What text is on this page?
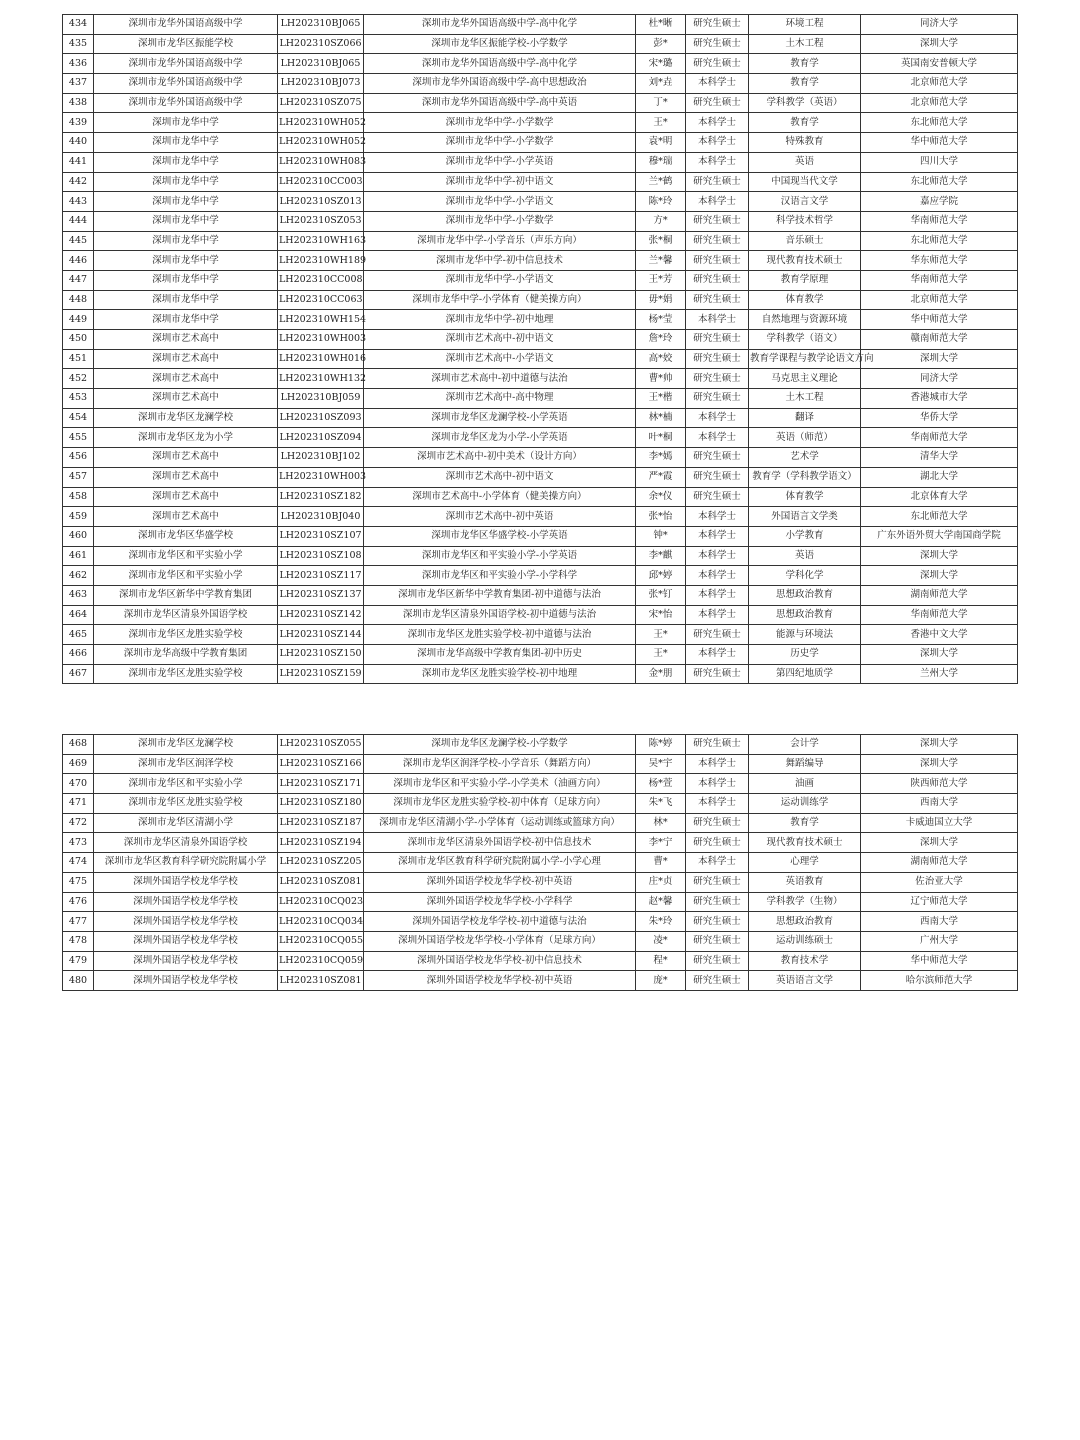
434	深圳市龙华外国语高级中学	LH202310BJ065	深圳市龙华外国语高级中学-高中化学	杜*晰	研究生硕士	环境工程	同济大学
435	深圳市龙华区振能学校	LH202310SZ066	深圳市龙华区振能学校-小学数学	彭*	研究生硕士	土木工程	深圳大学
436	深圳市龙华外国语高级中学	LH202310BJ065	深圳市龙华外国语高级中学-高中化学	宋*璐	研究生硕士	教育学	英国南安普顿大学
437	深圳市龙华外国语高级中学	LH202310BJ073	深圳市龙华外国语高级中学-高中思想政治	刘*垚	本科学士	教育学	北京师范大学
438	深圳市龙华外国语高级中学	LH202310SZ075	深圳市龙华外国语高级中学-高中英语	丁*	研究生硕士	学科教学（英语）	北京师范大学
439	深圳市龙华中学	LH202310WH052	深圳市龙华中学-小学数学	王*	本科学士	教育学	东北师范大学
440	深圳市龙华中学	LH202310WH052	深圳市龙华中学-小学数学	袁*明	本科学士	特殊教育	华中师范大学
441	深圳市龙华中学	LH202310WH083	深圳市龙华中学-小学英语	穆*瑞	本科学士	英语	四川大学
442	深圳市龙华中学	LH202310CC003	深圳市龙华中学-初中语文	兰*鹤	研究生硕士	中国现当代文学	东北师范大学
443	深圳市龙华中学	LH202310SZ013	深圳市龙华中学-小学语文	陈*玲	本科学士	汉语言文学	嘉应学院
444	深圳市龙华中学	LH202310SZ053	深圳市龙华中学-小学数学	方*	研究生硕士	科学技术哲学	华南师范大学
445	深圳市龙华中学	LH202310WH163	深圳市龙华中学-小学音乐（声乐方向）	张*桐	研究生硕士	音乐硕士	东北师范大学
446	深圳市龙华中学	LH202310WH189	深圳市龙华中学-初中信息技术	兰*馨	研究生硕士	现代教育技术硕士	华东师范大学
447	深圳市龙华中学	LH202310CC008	深圳市龙华中学-小学语文	王*芳	研究生硕士	教育学原理	华南师范大学
448	深圳市龙华中学	LH202310CC063	深圳市龙华中学-小学体育（健美操方向）	毋*娟	研究生硕士	体育教学	北京师范大学
449	深圳市龙华中学	LH202310WH154	深圳市龙华中学-初中地理	杨*莹	本科学士	自然地理与资源环境	华中师范大学
450	深圳市艺术高中	LH202310WH003	深圳市艺术高中-初中语文	詹*玲	研究生硕士	学科教学（语文）	赣南师范大学
451	深圳市艺术高中	LH202310WH016	深圳市艺术高中-小学语文	高*姣	研究生硕士	教育学课程与教学论语文方向	深圳大学
452	深圳市艺术高中	LH202310WH132	深圳市艺术高中-初中道德与法治	曹*帅	研究生硕士	马克思主义理论	同济大学
453	深圳市艺术高中	LH202310BJ059	深圳市艺术高中-高中物理	王*楷	研究生硕士	土木工程	香港城市大学
454	深圳市龙华区龙澜学校	LH202310SZ093	深圳市龙华区龙澜学校-小学英语	林*楠	本科学士	翻译	华侨大学
455	深圳市龙华区龙为小学	LH202310SZ094	深圳市龙华区龙为小学-小学英语	叶*桐	本科学士	英语（师范）	华南师范大学
456	深圳市艺术高中	LH202310BJ102	深圳市艺术高中-初中美术（设计方向）	李*嫣	研究生硕士	艺术学	清华大学
457	深圳市艺术高中	LH202310WH003	深圳市艺术高中-初中语文	严*霞	研究生硕士	教育学（学科教学语文）	湖北大学
458	深圳市艺术高中	LH202310SZ182	深圳市艺术高中-小学体育（健美操方向）	余*仪	研究生硕士	体育教学	北京体育大学
459	深圳市艺术高中	LH202310BJ040	深圳市艺术高中-初中英语	张*怡	本科学士	外国语言文学类	东北师范大学
460	深圳市龙华区华盛学校	LH202310SZ107	深圳市龙华区华盛学校-小学英语	钟*	本科学士	小学教育	广东外语外贸大学南国商学院
461	深圳市龙华区和平实验小学	LH202310SZ108	深圳市龙华区和平实验小学-小学英语	李*麒	本科学士	英语	深圳大学
462	深圳市龙华区和平实验小学	LH202310SZ117	深圳市龙华区和平实验小学-小学科学	邱*婷	本科学士	学科化学	深圳大学
463	深圳市龙华区新华中学教育集团	LH202310SZ137	深圳市龙华区新华中学教育集团-初中道德与法治	张*钉	本科学士	思想政治教育	湖南师范大学
464	深圳市龙华区清泉外国语学校	LH202310SZ142	深圳市龙华区清泉外国语学校-初中道德与法治	宋*怡	本科学士	思想政治教育	华南师范大学
465	深圳市龙华区龙胜实验学校	LH202310SZ144	深圳市龙华区龙胜实验学校-初中道德与法治	王*	研究生硕士	能源与环境法	香港中文大学
466	深圳市龙华高级中学教育集团	LH202310SZ150	深圳市龙华高级中学教育集团-初中历史	王*	本科学士	历史学	深圳大学
467	深圳市龙华区龙胜实验学校	LH202310SZ159	深圳市龙华区龙胜实验学校-初中地理	金*朋	研究生硕士	第四纪地质学	兰州大学
468	深圳市龙华区龙澜学校	LH202310SZ055	深圳市龙华区龙澜学校-小学数学	陈*婷	研究生硕士	会计学	深圳大学
469	深圳市龙华区润泽学校	LH202310SZ166	深圳市龙华区润泽学校-小学音乐（舞蹈方向）	吴*宇	本科学士	舞蹈编导	深圳大学
470	深圳市龙华区和平实验小学	LH202310SZ171	深圳市龙华区和平实验小学-小学美术（油画方向）	杨*萱	本科学士	油画	陕西师范大学
471	深圳市龙华区龙胜实验学校	LH202310SZ180	深圳市龙华区龙胜实验学校-初中体育（足球方向）	朱*飞	本科学士	运动训练学	西南大学
472	深圳市龙华区清湖小学	LH202310SZ187	深圳市龙华区清湖小学-小学体育（运动训练或篮球方向）	林*	研究生硕士	教育学	卡威迪国立大学
473	深圳市龙华区清泉外国语学校	LH202310SZ194	深圳市龙华区清泉外国语学校-初中信息技术	李*宁	研究生硕士	现代教育技术硕士	深圳大学
474	深圳市龙华区教育科学研究院附属小学	LH202310SZ205	深圳市龙华区教育科学研究院附属小学-小学心理	曹*	本科学士	心理学	湖南师范大学
475	深圳外国语学校龙华学校	LH202310SZ081	深圳外国语学校龙华学校-初中英语	庄*贞	研究生硕士	英语教育	佐治亚大学
476	深圳外国语学校龙华学校	LH202310CQ023	深圳外国语学校龙华学校-小学科学	赵*馨	研究生硕士	学科教学（生物）	辽宁师范大学
477	深圳外国语学校龙华学校	LH202310CQ034	深圳外国语学校龙华学校-初中道德与法治	朱*玲	研究生硕士	思想政治教育	西南大学
478	深圳外国语学校龙华学校	LH202310CQ055	深圳外国语学校龙华学校-小学体育（足球方向）	凌*	研究生硕士	运动训练硕士	广州大学
479	深圳外国语学校龙华学校	LH202310CQ059	深圳外国语学校龙华学校-初中信息技术	程*	研究生硕士	教育技术学	华中师范大学
480	深圳外国语学校龙华学校	LH202310SZ081	深圳外国语学校龙华学校-初中英语	庞*	研究生硕士	英语语言文学	哈尔滨师范大学
